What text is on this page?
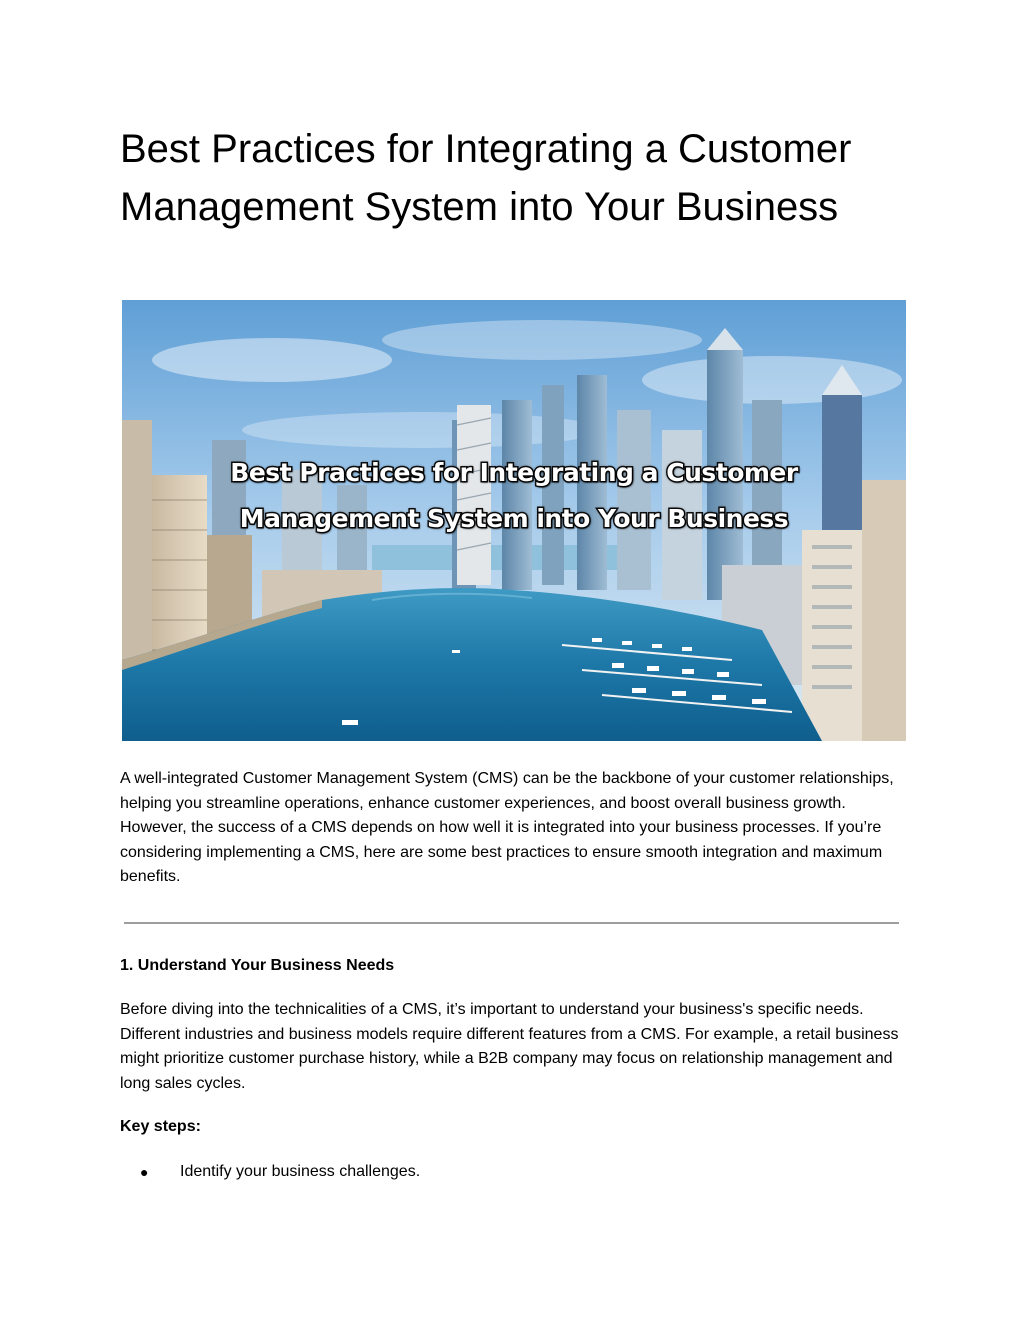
Best Practices for Integrating a Customer Management System into Your Business
Best Practices for Integrating a Customer
Management System into Your Business

A well-integrated Customer Management System (CMS) can be the backbone of your customer relationships, helping you streamline operations, enhance customer experiences, and boost overall business growth. However, the success of a CMS depends on how well it is integrated into your business processes. If you’re considering implementing a CMS, here are some best practices to ensure smooth integration and maximum benefits.

1. Understand Your Business Needs

Before diving into the technicalities of a CMS, it’s important to understand your business's specific needs. Different industries and business models require different features from a CMS. For example, a retail business might prioritize customer purchase history, while a B2B company may focus on relationship management and long sales cycles.

Key steps:

● Identify your business challenges.
